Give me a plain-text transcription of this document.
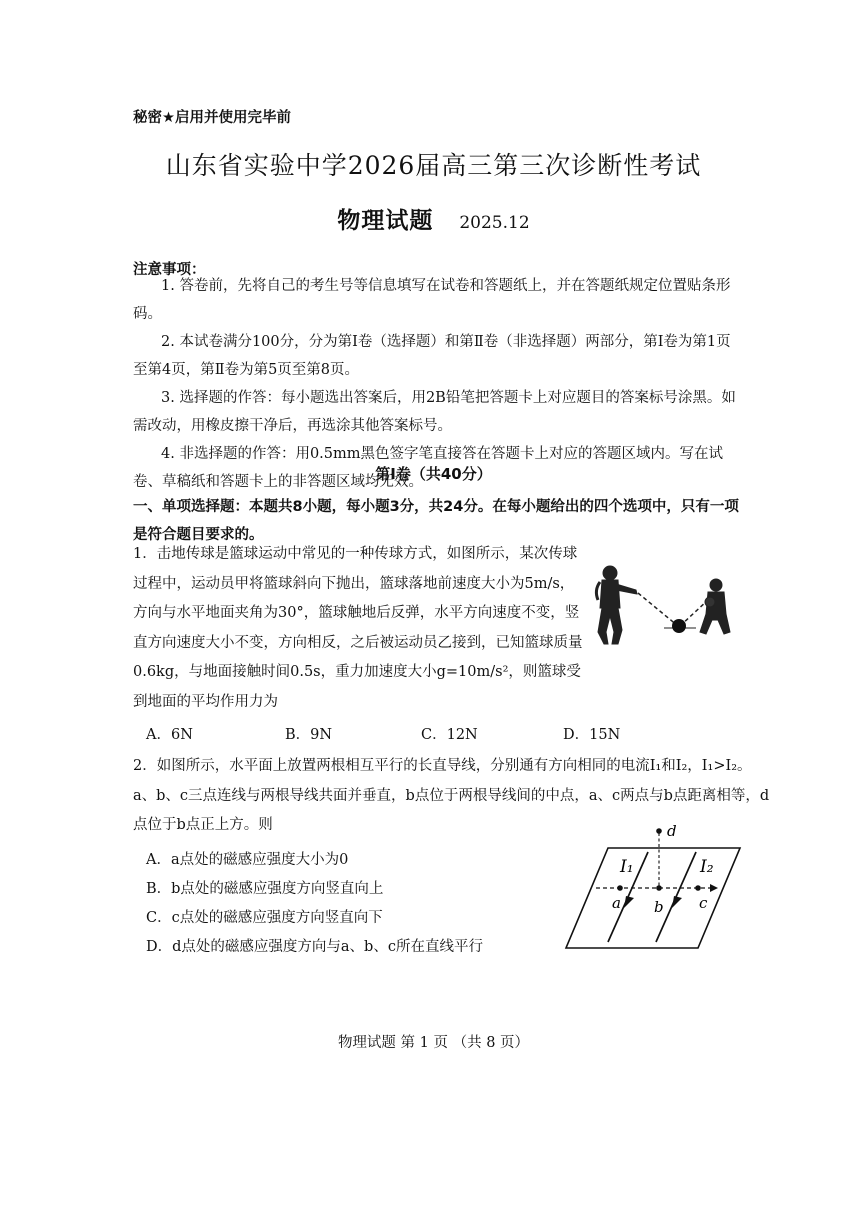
秘密★启用并使用完毕前
山东省实验中学2026届高三第三次诊断性考试
物理试题 2025.12
注意事项：
1. 答卷前，先将自己的考生号等信息填写在试卷和答题纸上，并在答题纸规定位置贴条形码。
2. 本试卷满分100分，分为第Ⅰ卷（选择题）和第Ⅱ卷（非选择题）两部分，第Ⅰ卷为第1页至第4页，第Ⅱ卷为第5页至第8页。
3. 选择题的作答：每小题选出答案后，用2B铅笔把答题卡上对应题目的答案标号涂黑。如需改动，用橡皮擦干净后，再选涂其他答案标号。
4. 非选择题的作答：用0.5mm黑色签字笔直接答在答题卡上对应的答题区域内。写在试卷、草稿纸和答题卡上的非答题区域均无效。
第Ⅰ卷（共40分）
一、单项选择题：本题共8小题，每小题3分，共24分。在每小题给出的四个选项中，只有一项是符合题目要求的。
1．击地传球是篮球运动中常见的一种传球方式，如图所示，某次传球过程中，运动员甲将篮球斜向下抛出，篮球落地前速度大小为5m/s，方向与水平地面夹角为30°，篮球触地后反弹，水平方向速度不变，竖直方向速度大小不变，方向相反，之后被运动员乙接到，已知篮球质量0.6kg，与地面接触时间0.5s，重力加速度大小g=10m/s²，则篮球受到地面的平均作用力为
A．6N	B．9N	C．12N	D．15N
2．如图所示，水平面上放置两根相互平行的长直导线，分别通有方向相同的电流I₁和I₂，I₁>I₂。a、b、c三点连线与两根导线共面并垂直，b点位于两根导线间的中点，a、c两点与b点距离相等，d点位于b点正上方。则
A．a点处的磁感应强度大小为0
B．b点处的磁感应强度方向竖直向上
C．c点处的磁感应强度方向竖直向下
D．d点处的磁感应强度方向与a、b、c所在直线平行
d
I₁	I₂
a b c
物理试题 第 1 页 （共 8 页）
